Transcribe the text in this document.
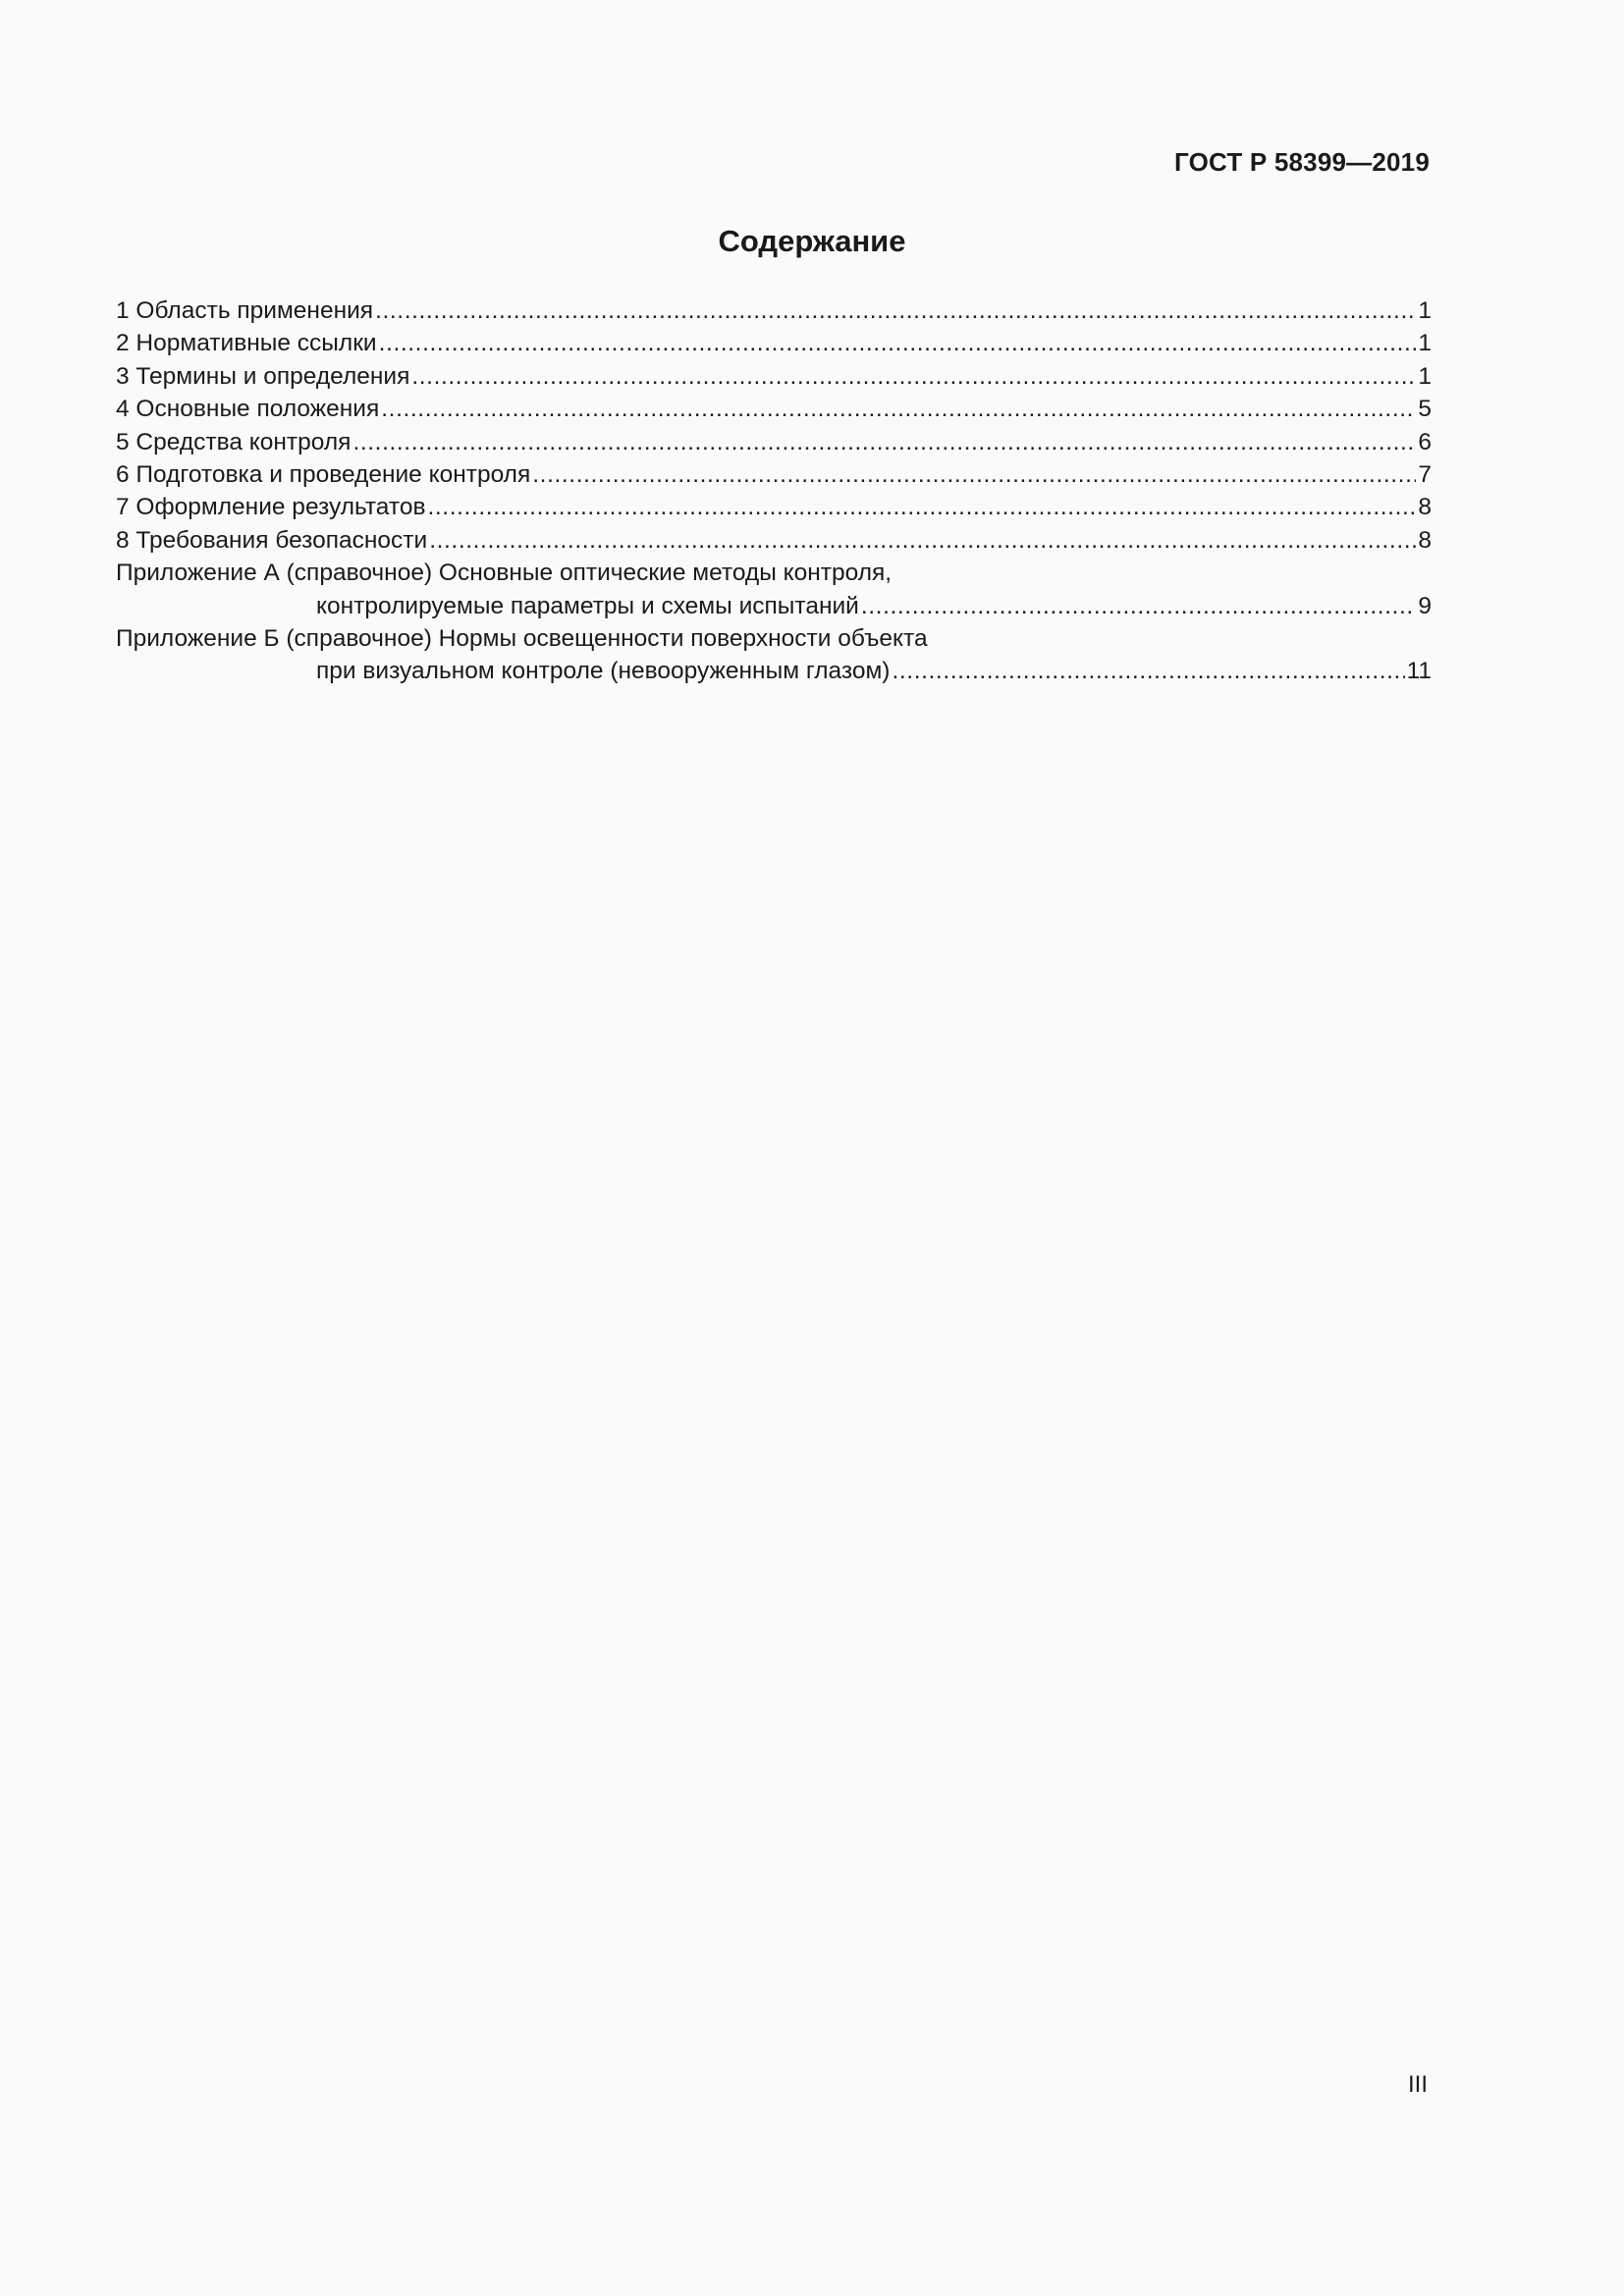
ГОСТ Р 58399—2019
Содержание
1 Область применения .....	1
2 Нормативные ссылки .....	1
3 Термины и определения .....	1
4 Основные положения .....	5
5 Средства контроля .....	6
6 Подготовка и проведение контроля .....	7
7 Оформление результатов .....	8
8 Требования безопасности .....	8
Приложение А (справочное) Основные оптические методы контроля,
контролируемые параметры и схемы испытаний .....	9
Приложение Б (справочное) Нормы освещенности поверхности объекта
при визуальном контроле (невооруженным глазом) .....	11
III
